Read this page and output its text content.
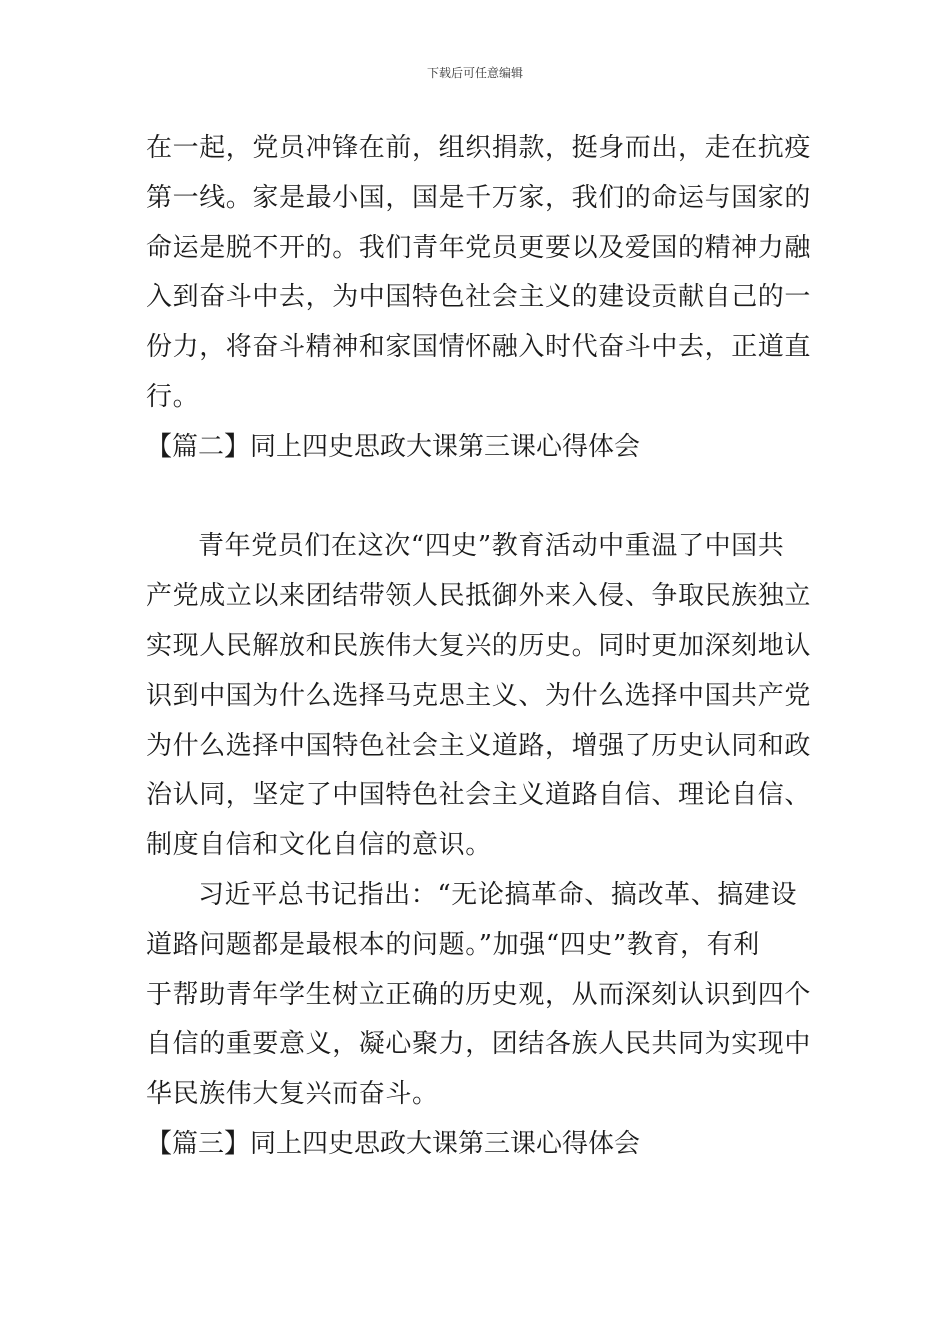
下载后可任意编辑
在一起，党员冲锋在前，组织捐款，挺身而出，走在抗疫
第一线。家是最小国，国是千万家，我们的命运与国家的
命运是脱不开的。我们青年党员更要以及爱国的精神力融
入到奋斗中去，为中国特色社会主义的建设贡献自己的一
份力，将奋斗精神和家国情怀融入时代奋斗中去，正道直
行。
【篇二】同上四史思政大课第三课心得体会
青年党员们在这次“四史”教育活动中重温了中国共
产党成立以来团结带领人民抵御外来入侵、争取民族独立
实现人民解放和民族伟大复兴的历史。同时更加深刻地认
识到中国为什么选择马克思主义、为什么选择中国共产党
为什么选择中国特色社会主义道路，增强了历史认同和政
治认同，坚定了中国特色社会主义道路自信、理论自信、
制度自信和文化自信的意识。
习近平总书记指出：“无论搞革命、搞改革、搞建设
道路问题都是最根本的问题。”加强“四史”教育，有利
于帮助青年学生树立正确的历史观，从而深刻认识到四个
自信的重要意义，凝心聚力，团结各族人民共同为实现中
华民族伟大复兴而奋斗。
【篇三】同上四史思政大课第三课心得体会
